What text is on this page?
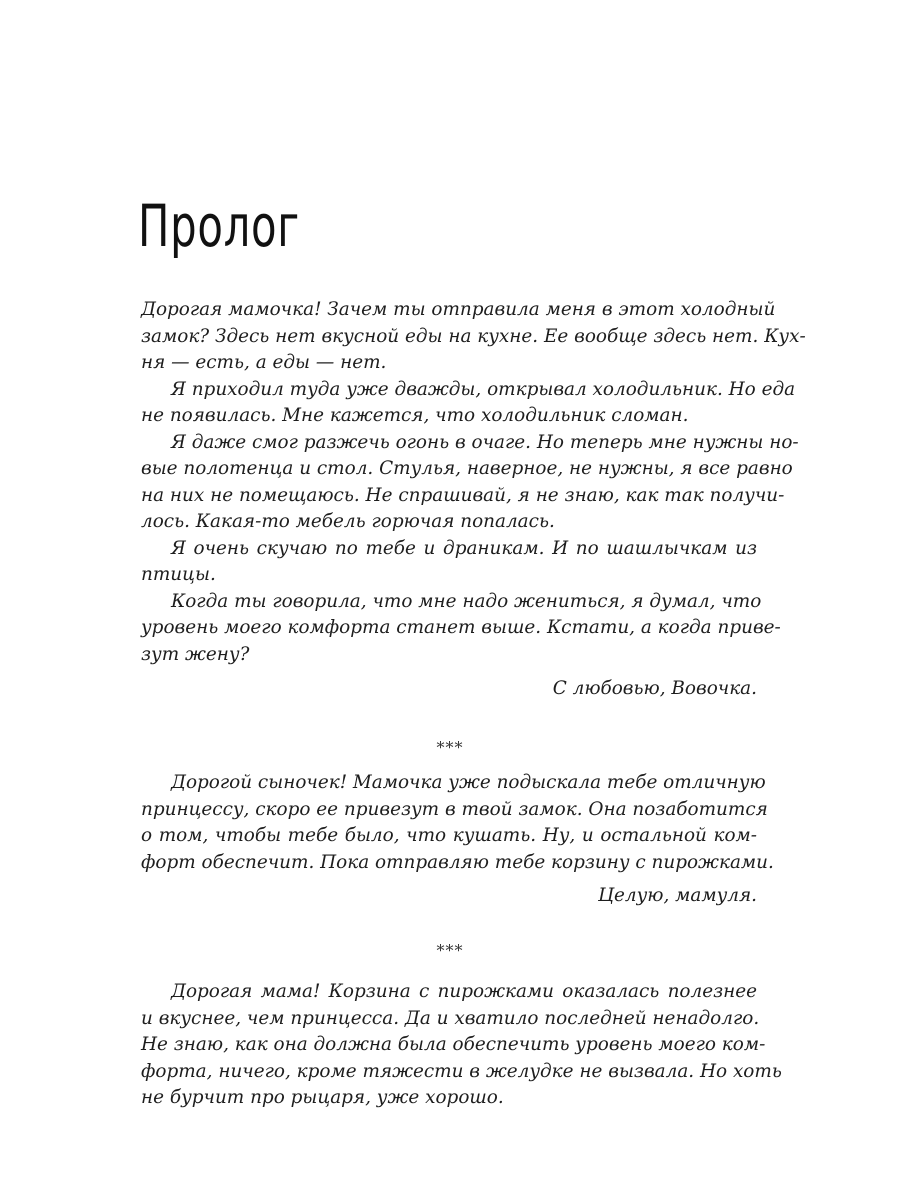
Пролог
Дорогая мамочка! Зачем ты отправила меня в этот холодный
замок? Здесь нет вкусной еды на кухне. Ее вообще здесь нет. Кух-
ня — есть, а еды — нет.
Я приходил туда уже дважды, открывал холодильник. Но еда
не появилась. Мне кажется, что холодильник сломан.
Я даже смог разжечь огонь в очаге. Но теперь мне нужны но-
вые полотенца и стол. Стулья, наверное, не нужны, я все равно
на них не помещаюсь. Не спрашивай, я не знаю, как так получи-
лось. Какая-то мебель горючая попалась.
Я очень скучаю по тебе и драникам. И по шашлычкам из
птицы.
Когда ты говорила, что мне надо жениться, я думал, что
уровень моего комфорта станет выше. Кстати, а когда приве-
зут жену?
С любовью, Вовочка.
***
Дорогой сыночек! Мамочка уже подыскала тебе отличную
принцессу, скоро ее привезут в твой замок. Она позаботится
о том, чтобы тебе было, что кушать. Ну, и остальной ком-
форт обеспечит. Пока отправляю тебе корзину с пирожками.
Целую, мамуля.
***
Дорогая мама! Корзина с пирожками оказалась полезнее
и вкуснее, чем принцесса. Да и хватило последней ненадолго.
Не знаю, как она должна была обеспечить уровень моего ком-
форта, ничего, кроме тяжести в желудке не вызвала. Но хоть
не бурчит про рыцаря, уже хорошо.
